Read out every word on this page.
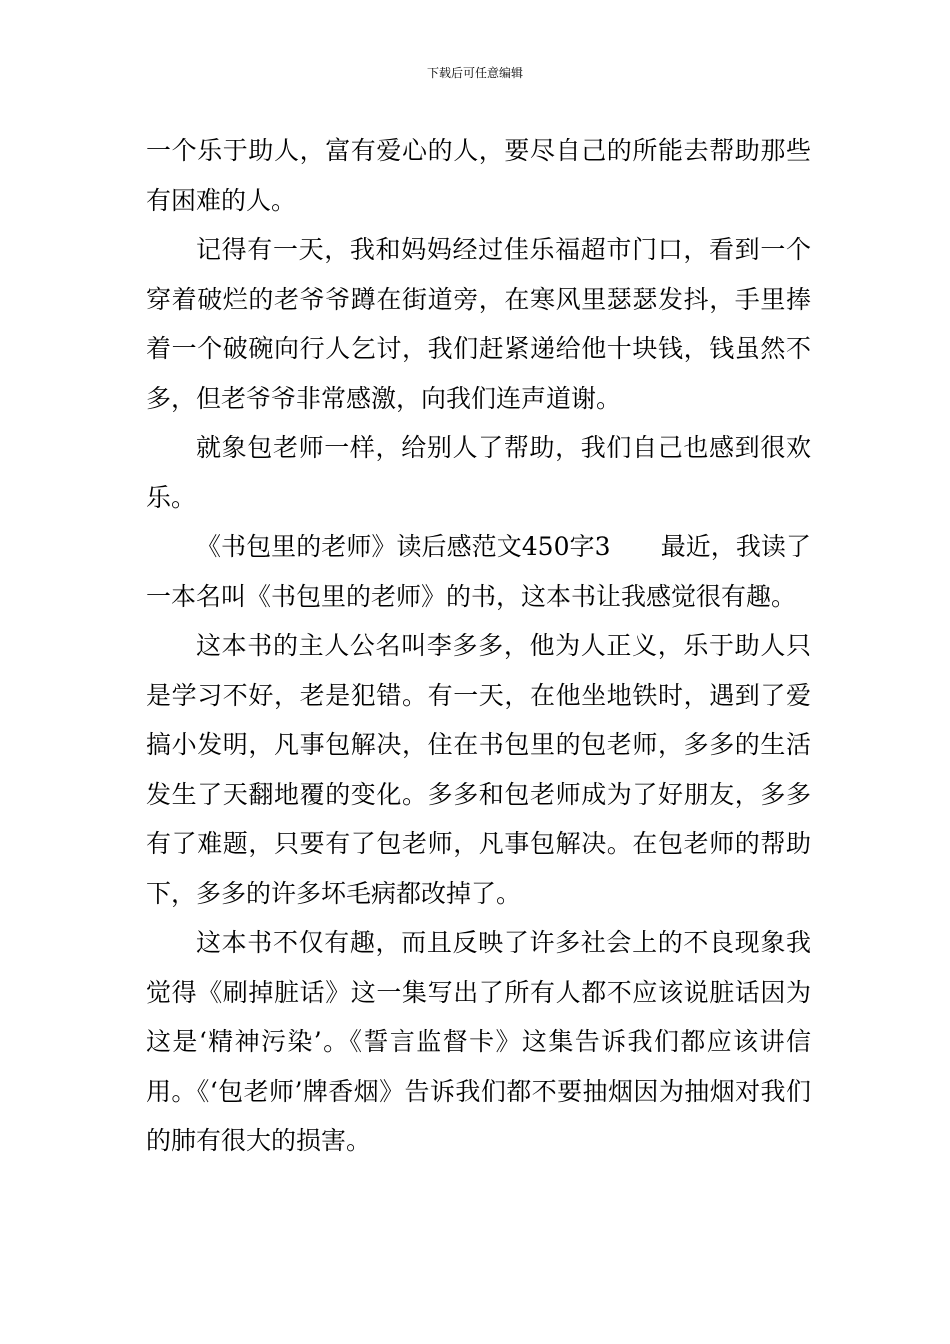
下载后可任意编辑

一个乐于助人，富有爱心的人，要尽自己的所能去帮助那些有困难的人。

记得有一天，我和妈妈经过佳乐福超市门口，看到一个穿着破烂的老爷爷蹲在街道旁，在寒风里瑟瑟发抖，手里捧着一个破碗向行人乞讨，我们赶紧递给他十块钱，钱虽然不多，但老爷爷非常感激，向我们连声道谢。

就象包老师一样，给别人了帮助，我们自己也感到很欢乐。

《书包里的老师》读后感范文450字3　　最近，我读了一本名叫《书包里的老师》的书，这本书让我感觉很有趣。

这本书的主人公名叫李多多，他为人正义，乐于助人只是学习不好，老是犯错。有一天，在他坐地铁时，遇到了爱搞小发明，凡事包解决，住在书包里的包老师，多多的生活发生了天翻地覆的变化。多多和包老师成为了好朋友，多多有了难题，只要有了包老师，凡事包解决。在包老师的帮助下，多多的许多坏毛病都改掉了。

这本书不仅有趣，而且反映了许多社会上的不良现象我觉得《刷掉脏话》这一集写出了所有人都不应该说脏话因为这是‘精神污染’。《誓言监督卡》这集告诉我们都应该讲信用。《‘包老师’牌香烟》告诉我们都不要抽烟因为抽烟对我们的肺有很大的损害。
